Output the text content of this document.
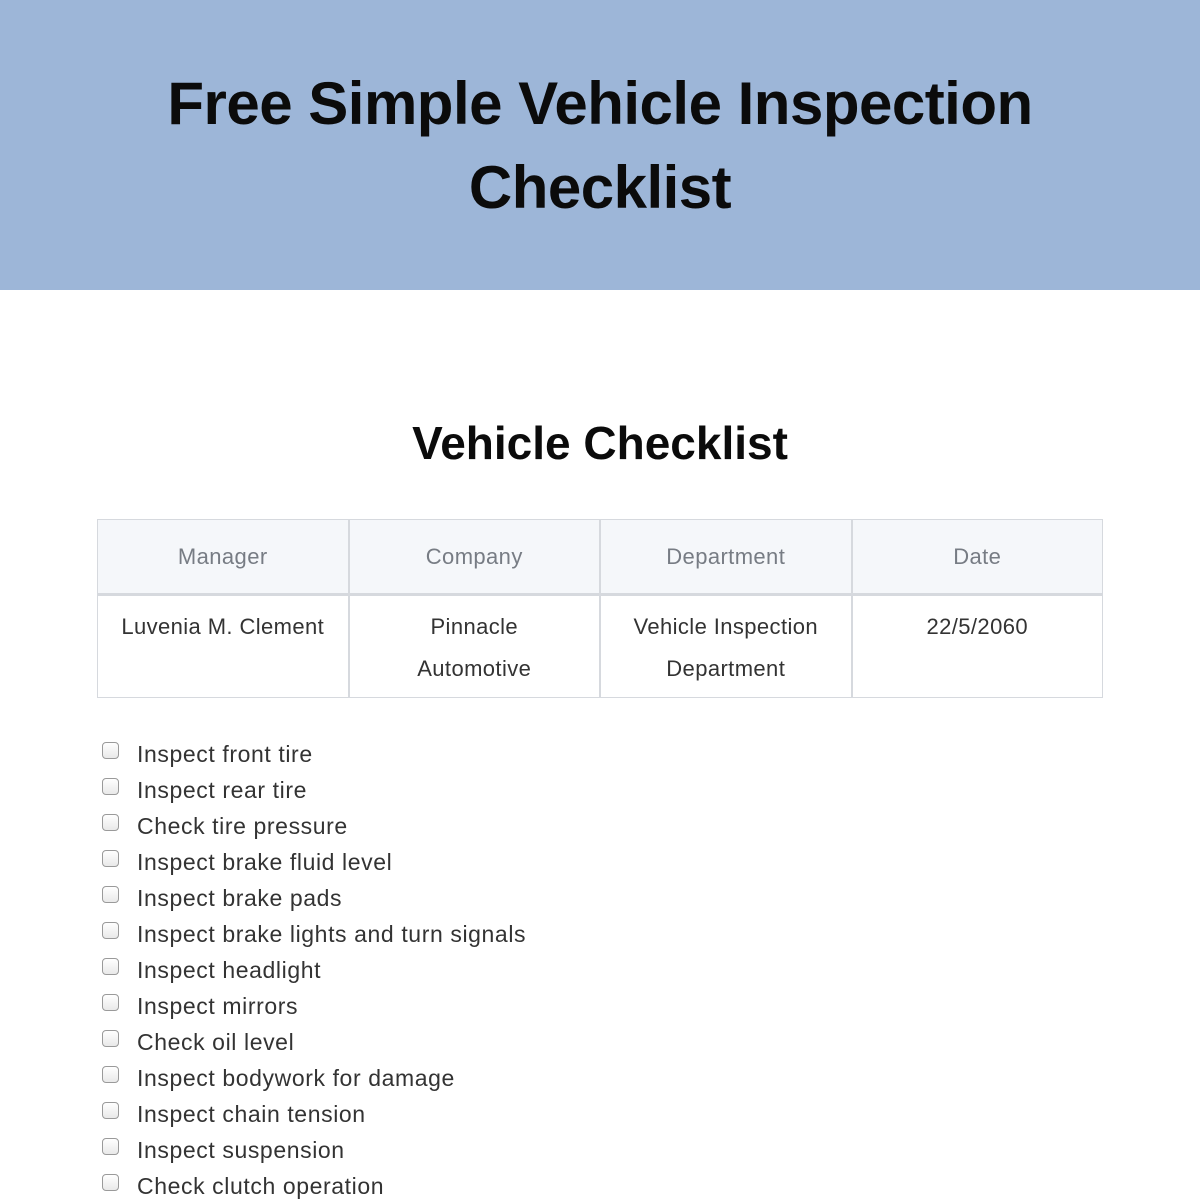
Free Simple Vehicle Inspection Checklist
Vehicle Checklist
Manager	Company	Department	Date

Luvenia M. Clement	Pinnacle Automotive	Vehicle Inspection Department	22/5/2060
Inspect front tire
Inspect rear tire
Check tire pressure
Inspect brake fluid level
Inspect brake pads
Inspect brake lights and turn signals
Inspect headlight
Inspect mirrors
Check oil level
Inspect bodywork for damage
Inspect chain tension
Inspect suspension
Check clutch operation
